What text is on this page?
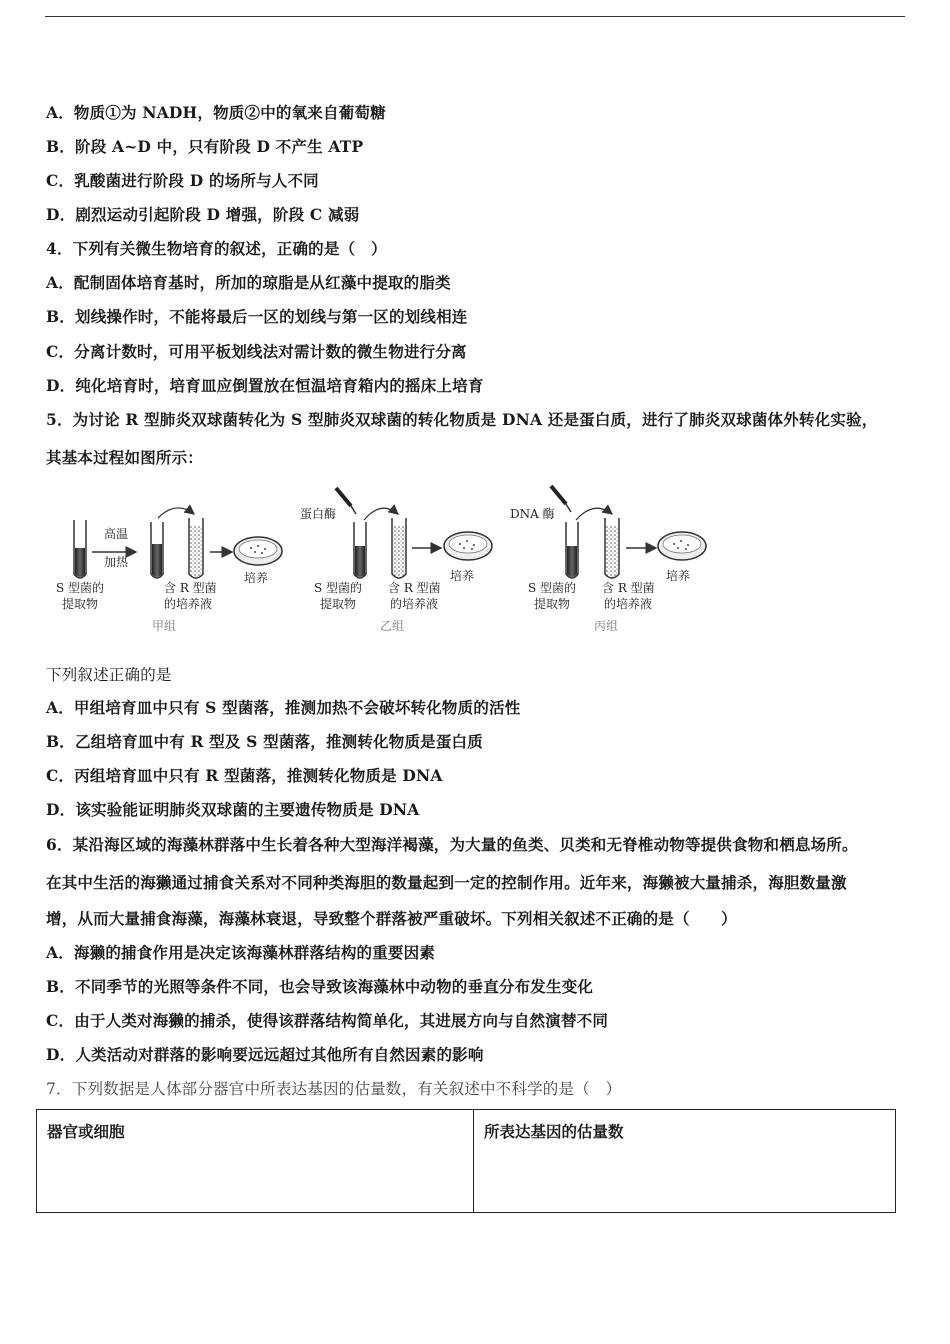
A．物质①为 NADH，物质②中的氧来自葡萄糖
B．阶段 A~D 中，只有阶段 D 不产生 ATP
C．乳酸菌进行阶段 D 的场所与人不同
D．剧烈运动引起阶段 D 增强，阶段 C 减弱
4．下列有关微生物培育的叙述，正确的是（　）
A．配制固体培育基时，所加的琼脂是从红藻中提取的脂类
B．划线操作时，不能将最后一区的划线与第一区的划线相连
C．分离计数时，可用平板划线法对需计数的微生物进行分离
D．纯化培育时，培育皿应倒置放在恒温培育箱内的摇床上培育
5．为讨论 R 型肺炎双球菌转化为 S 型肺炎双球菌的转化物质是 DNA 还是蛋白质，进行了肺炎双球菌体外转化实验，
其基本过程如图所示：
高温
加热
培养
S 型菌的
提取物
含 R 型菌
的培养液
甲组
蛋白酶
培养
S 型菌的
提取物
含 R 型菌
的培养液
乙组
DNA 酶
培养
S 型菌的
提取物
含 R 型菌
的培养液
丙组
下列叙述正确的是
A．甲组培育皿中只有 S 型菌落，推测加热不会破坏转化物质的活性
B．乙组培育皿中有 R 型及 S 型菌落，推测转化物质是蛋白质
C．丙组培育皿中只有 R 型菌落，推测转化物质是 DNA
D．该实验能证明肺炎双球菌的主要遗传物质是 DNA
6．某沿海区域的海藻林群落中生长着各种大型海洋褐藻，为大量的鱼类、贝类和无脊椎动物等提供食物和栖息场所。
在其中生活的海獭通过捕食关系对不同种类海胆的数量起到一定的控制作用。近年来，海獭被大量捕杀，海胆数量激
增，从而大量捕食海藻，海藻林衰退，导致整个群落被严重破坏。下列相关叙述不正确的是（　　）
A．海獭的捕食作用是决定该海藻林群落结构的重要因素
B．不同季节的光照等条件不同，也会导致该海藻林中动物的垂直分布发生变化
C．由于人类对海獭的捕杀，使得该群落结构简单化，其进展方向与自然演替不同
D．人类活动对群落的影响要远远超过其他所有自然因素的影响
7．下列数据是人体部分器官中所表达基因的估量数，有关叙述中不科学的是（　）
器官或细胞	所表达基因的估量数
